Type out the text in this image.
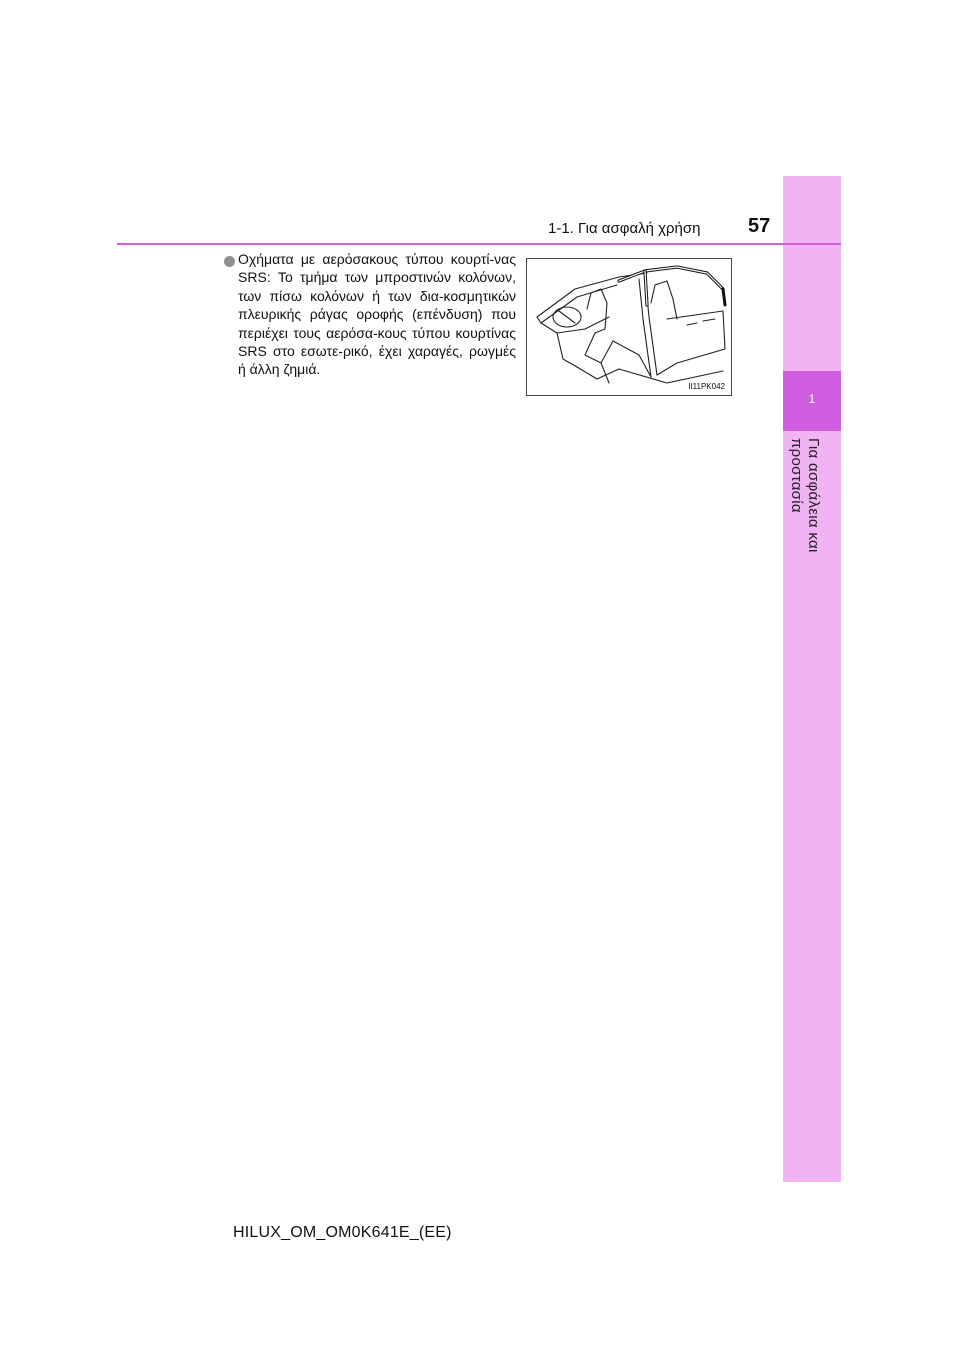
1
Για ασφάλεια και προστασία
1-1. Για ασφαλή χρήση 57
Οχήματα με αερόσακους τύπου κουρτί-νας SRS: Το τμήμα των μπροστινών κολόνων, των πίσω κολόνων ή των δια-κοσμητικών πλευρικής ράγας οροφής (επένδυση) που περιέχει τους αερόσα-κους τύπου κουρτίνας SRS στο εσωτε-ρικό, έχει χαραγές, ρωγμές ή άλλη ζημιά.
II11PK042
HILUX_OM_OM0K641E_(EE)
